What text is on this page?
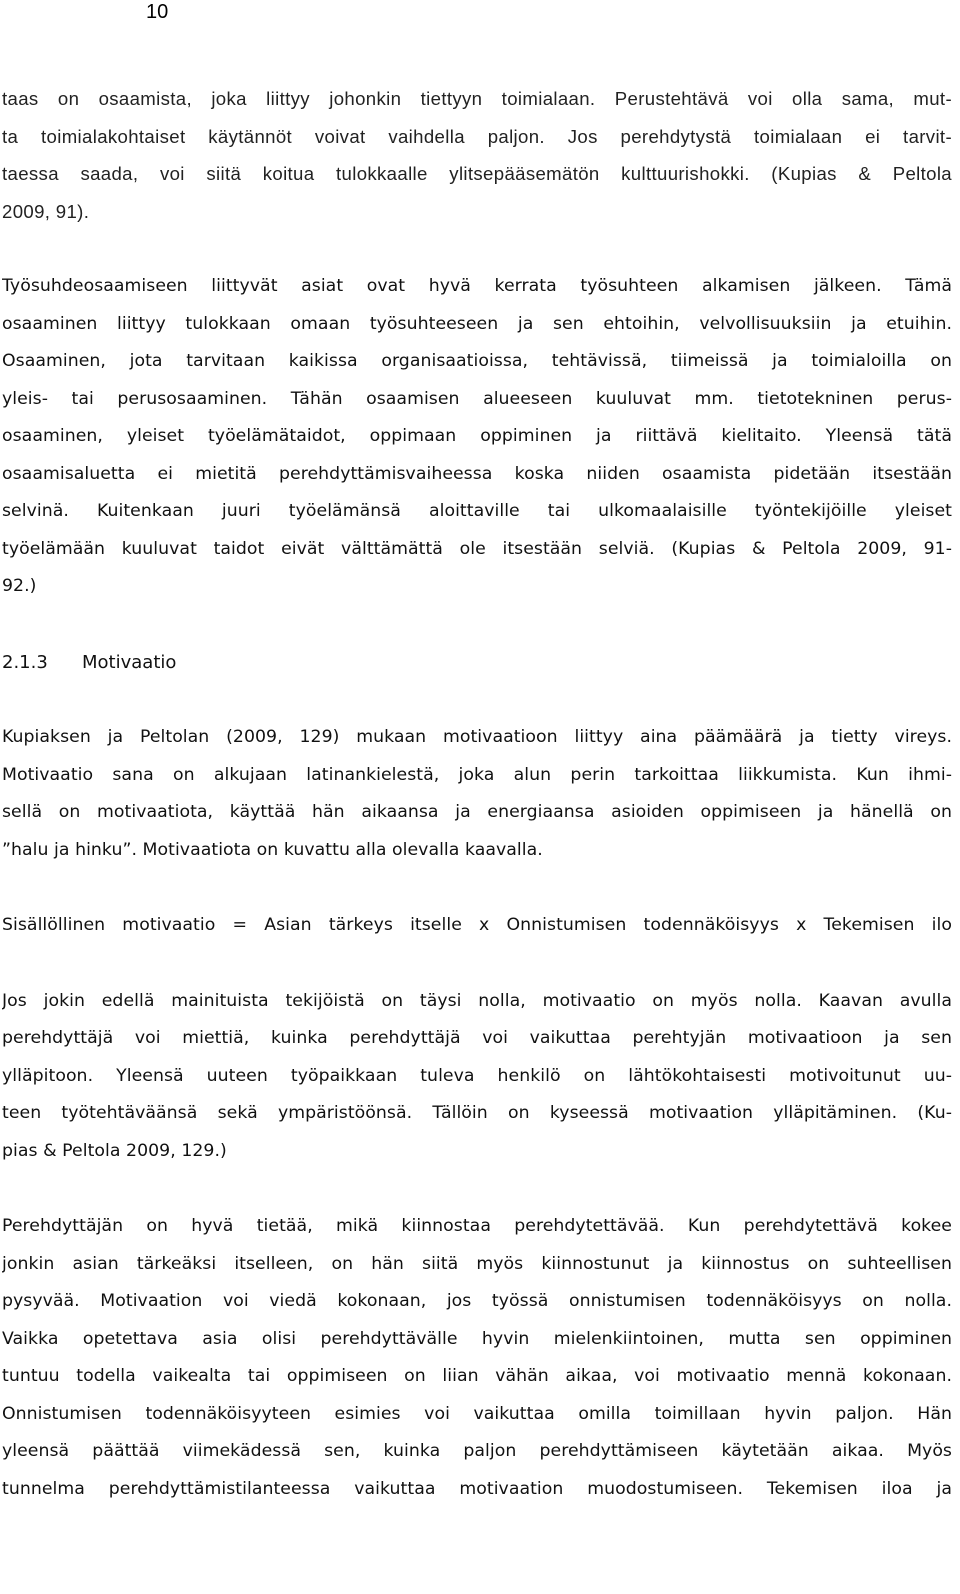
10
taas on osaamista, joka liittyy johonkin tiettyyn toimialaan. Perustehtävä voi olla sama, mut-
ta toimialakohtaiset käytännöt voivat vaihdella paljon. Jos perehdytystä toimialaan ei tarvit-
taessa saada, voi siitä koitua tulokkaalle ylitsepääsemätön kulttuurishokki. (Kupias & Peltola
2009, 91).
Työsuhdeosaamiseen liittyvät asiat ovat hyvä kerrata työsuhteen alkamisen jälkeen. Tämä
osaaminen liittyy tulokkaan omaan työsuhteeseen ja sen ehtoihin, velvollisuuksiin ja etuihin.
Osaaminen, jota tarvitaan kaikissa organisaatioissa, tehtävissä, tiimeissä ja toimialoilla on
yleis- tai perusosaaminen. Tähän osaamisen alueeseen kuuluvat mm. tietotekninen perus-
osaaminen, yleiset työelämätaidot, oppimaan oppiminen ja riittävä kielitaito. Yleensä tätä
osaamisaluetta ei mietitä perehdyttämisvaiheessa koska niiden osaamista pidetään itsestään
selvinä. Kuitenkaan juuri työelämänsä aloittaville tai ulkomaalaisille työntekijöille yleiset
työelämään kuuluvat taidot eivät välttämättä ole itsestään selviä. (Kupias & Peltola 2009, 91-
92.)
2.1.3	Motivaatio
Kupiaksen ja Peltolan (2009, 129) mukaan motivaatioon liittyy aina päämäärä ja tietty vireys.
Motivaatio sana on alkujaan latinankielestä, joka alun perin tarkoittaa liikkumista. Kun ihmi-
sellä on motivaatiota, käyttää hän aikaansa ja energiaansa asioiden oppimiseen ja hänellä on
”halu ja hinku”. Motivaatiota on kuvattu alla olevalla kaavalla.
Sisällöllinen motivaatio = Asian tärkeys itselle x Onnistumisen todennäköisyys x Tekemisen ilo
Jos jokin edellä mainituista tekijöistä on täysi nolla, motivaatio on myös nolla. Kaavan avulla
perehdyttäjä voi miettiä, kuinka perehdyttäjä voi vaikuttaa perehtyjän motivaatioon ja sen
ylläpitoon. Yleensä uuteen työpaikkaan tuleva henkilö on lähtökohtaisesti motivoitunut uu-
teen työtehtäväänsä sekä ympäristöönsä. Tällöin on kyseessä motivaation ylläpitäminen. (Ku-
pias & Peltola 2009, 129.)
Perehdyttäjän on hyvä tietää, mikä kiinnostaa perehdytettävää. Kun perehdytettävä kokee
jonkin asian tärkeäksi itselleen, on hän siitä myös kiinnostunut ja kiinnostus on suhteellisen
pysyvää. Motivaation voi viedä kokonaan, jos työssä onnistumisen todennäköisyys on nolla.
Vaikka opetettava asia olisi perehdyttävälle hyvin mielenkiintoinen, mutta sen oppiminen
tuntuu todella vaikealta tai oppimiseen on liian vähän aikaa, voi motivaatio mennä kokonaan.
Onnistumisen todennäköisyyteen esimies voi vaikuttaa omilla toimillaan hyvin paljon. Hän
yleensä päättää viimekädessä sen, kuinka paljon perehdyttämiseen käytetään aikaa. Myös
tunnelma perehdyttämistilanteessa vaikuttaa motivaation muodostumiseen. Tekemisen iloa ja
